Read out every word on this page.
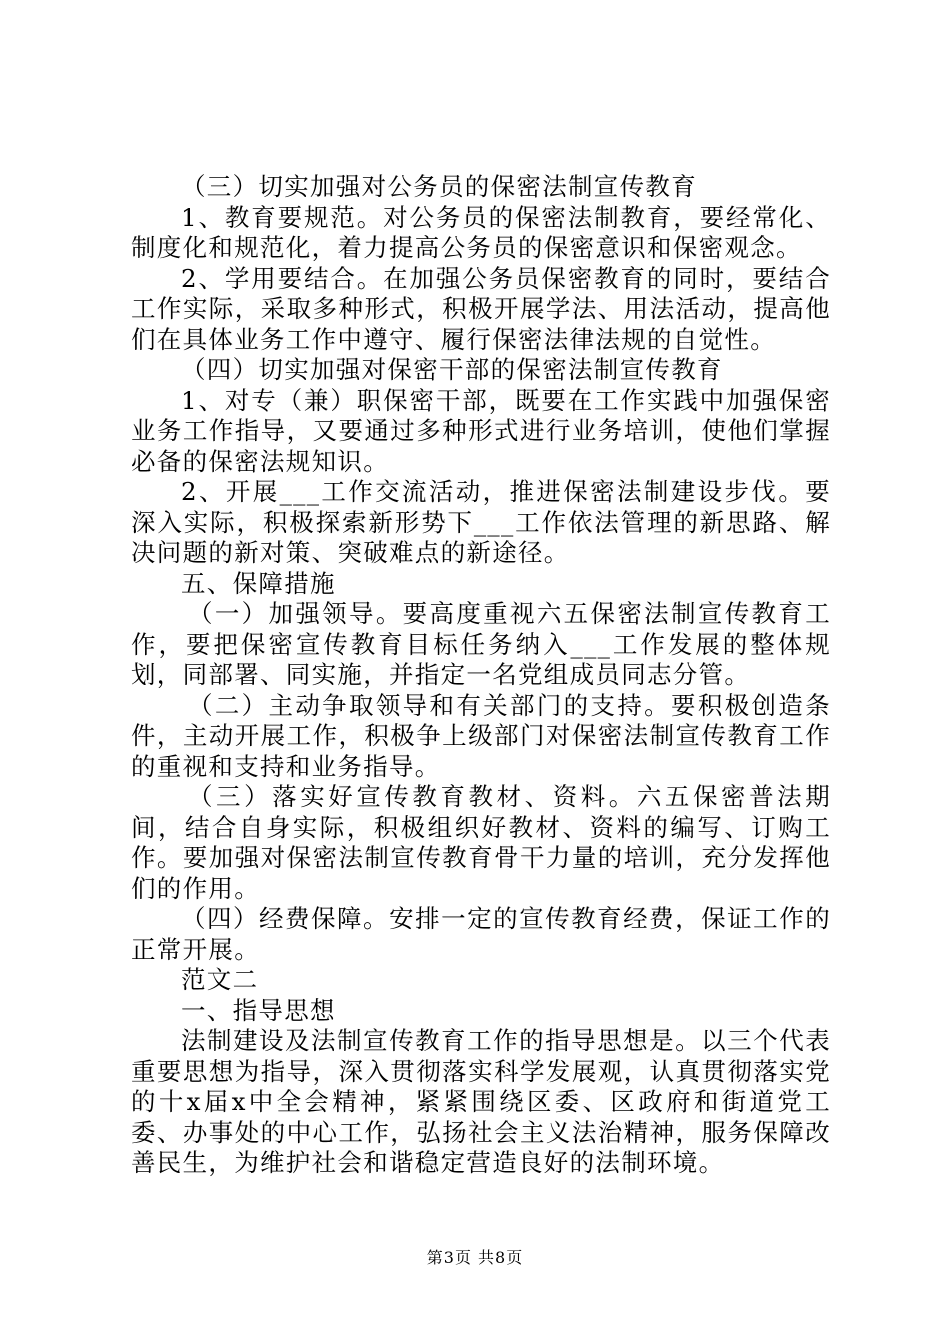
（三）切实加强对公务员的保密法制宣传教育

1、教育要规范。对公务员的保密法制教育，要经常化、制度化和规范化，着力提高公务员的保密意识和保密观念。

2、学用要结合。在加强公务员保密教育的同时，要结合工作实际，采取多种形式，积极开展学法、用法活动，提高他们在具体业务工作中遵守、履行保密法律法规的自觉性。

（四）切实加强对保密干部的保密法制宣传教育

1、对专（兼）职保密干部，既要在工作实践中加强保密业务工作指导，又要通过多种形式进行业务培训，使他们掌握必备的保密法规知识。

2、开展___工作交流活动，推进保密法制建设步伐。要深入实际，积极探索新形势下___工作依法管理的新思路、解决问题的新对策、突破难点的新途径。

五、保障措施

（一）加强领导。要高度重视六五保密法制宣传教育工作，要把保密宣传教育目标任务纳入___工作发展的整体规划，同部署、同实施，并指定一名党组成员同志分管。

（二）主动争取领导和有关部门的支持。要积极创造条件，主动开展工作，积极争上级部门对保密法制宣传教育工作的重视和支持和业务指导。

（三）落实好宣传教育教材、资料。六五保密普法期间，结合自身实际，积极组织好教材、资料的编写、订购工作。要加强对保密法制宣传教育骨干力量的培训，充分发挥他们的作用。

（四）经费保障。安排一定的宣传教育经费，保证工作的正常开展。

范文二

一、指导思想

法制建设及法制宣传教育工作的指导思想是。以三个代表重要思想为指导，深入贯彻落实科学发展观，认真贯彻落实党的十x届x中全会精神，紧紧围绕区委、区政府和街道党工委、办事处的中心工作，弘扬社会主义法治精神，服务保障改善民生，为维护社会和谐稳定营造良好的法制环境。

第3页 共8页
